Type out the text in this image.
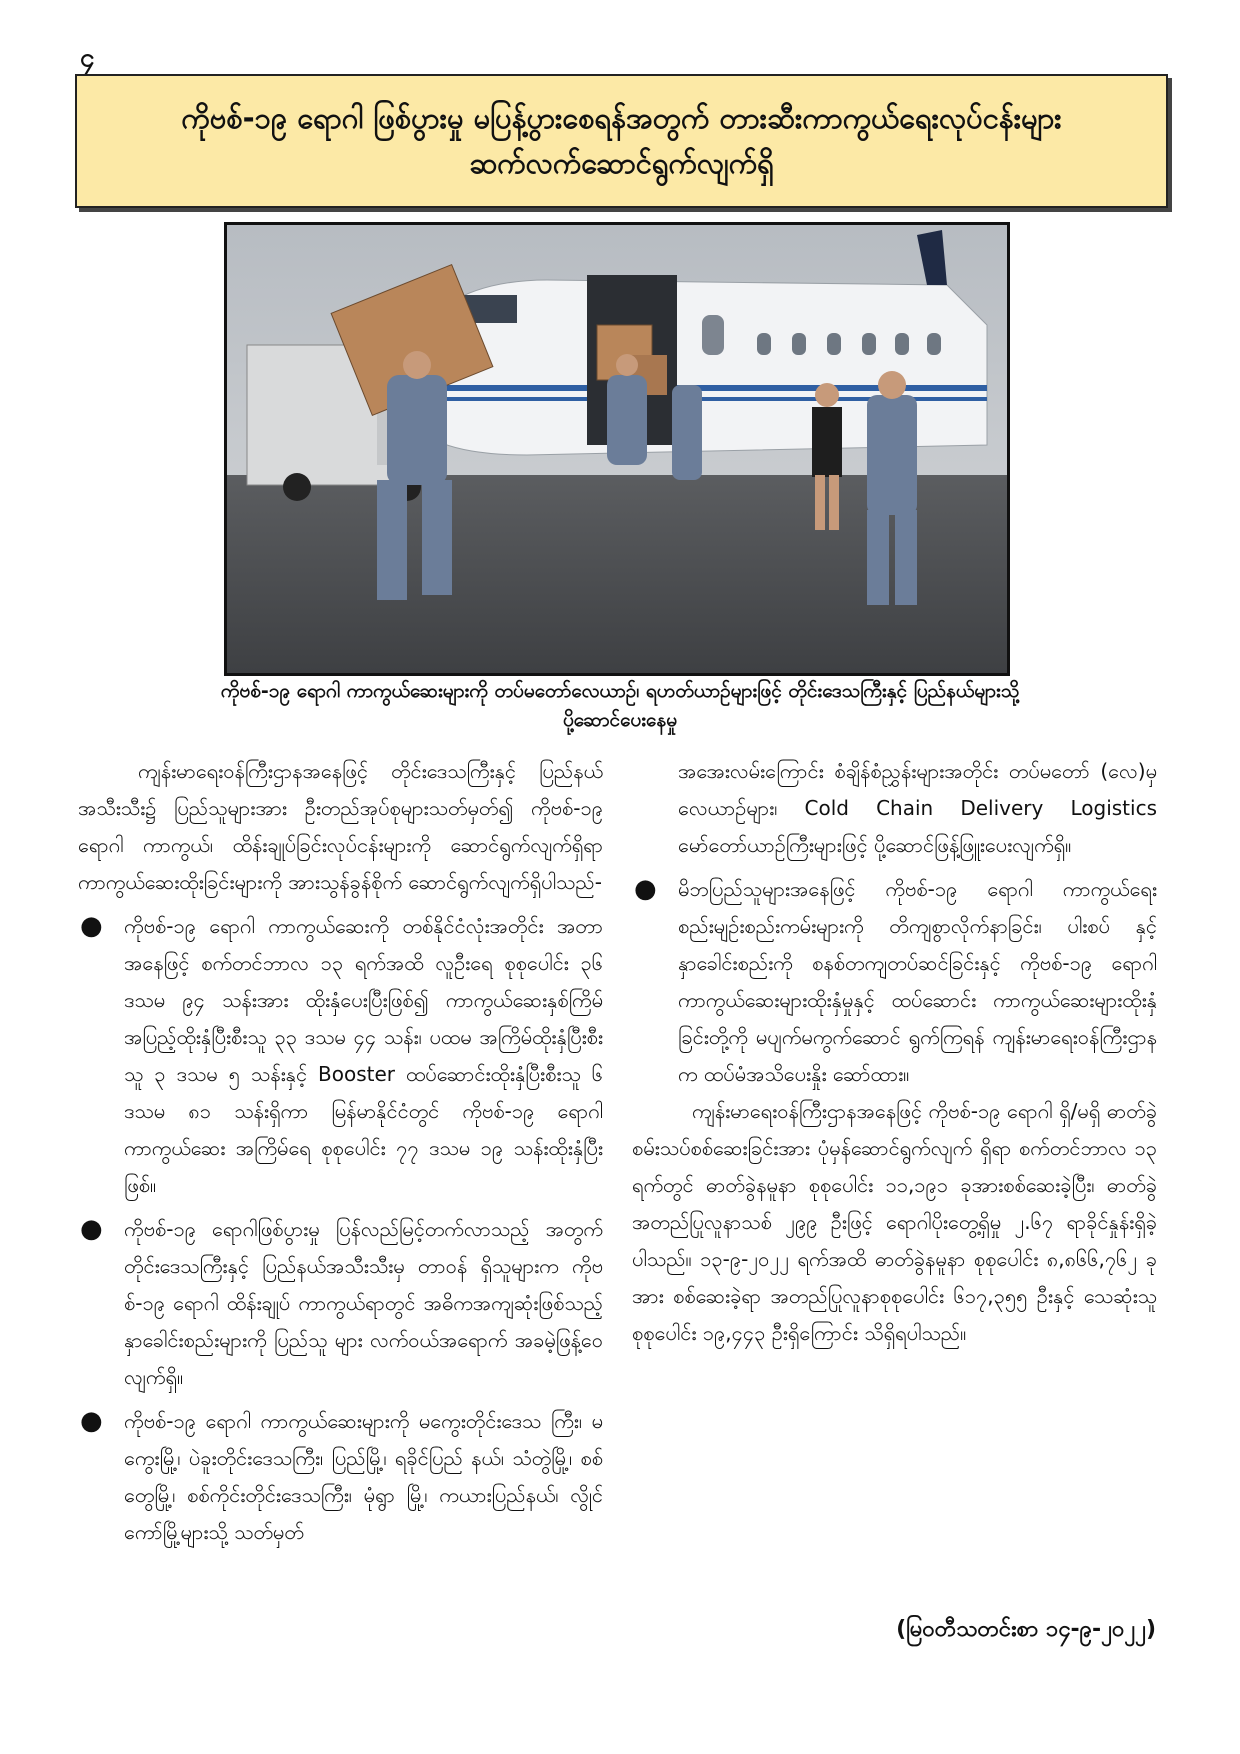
၄
ကိုဗစ်-၁၉ ရောဂါ ဖြစ်ပွားမှု မပြန့်ပွားစေရန်အတွက် တားဆီးကာကွယ်ရေးလုပ်ငန်းများ
ဆက်လက်ဆောင်ရွက်လျက်ရှိ
ကိုဗစ်-၁၉ ရောဂါ ကာကွယ်ဆေးများကို တပ်မတော်လေယာဉ်၊ ရဟတ်ယာဉ်များဖြင့် တိုင်းဒေသကြီးနှင့် ပြည်နယ်များသို့
ပို့ဆောင်ပေးနေမှု

ကျန်းမာရေးဝန်ကြီးဌာနအနေဖြင့် တိုင်းဒေသကြီးနှင့် ပြည်နယ်အသီးသီး၌ ပြည်သူများအား ဦးတည်အုပ်စုများသတ်မှတ်၍ ကိုဗစ်-၁၉ ရောဂါ ကာကွယ်၊ ထိန်းချုပ်ခြင်းလုပ်ငန်းများကို ဆောင်ရွက်လျက်ရှိရာ ကာကွယ်ဆေးထိုးခြင်းများကို အားသွန်ခွန်စိုက် ဆောင်ရွက်လျက်ရှိပါသည်-

● ကိုဗစ်-၁၉ ရောဂါ ကာကွယ်ဆေးကို တစ်နိုင်ငံလုံးအတိုင်း အတာအနေဖြင့် စက်တင်ဘာလ ၁၃ ရက်အထိ လူဦးရေ စုစုပေါင်း ၃၆ ဒသမ ၉၄ သန်းအား ထိုးနှံပေးပြီးဖြစ်၍ ကာကွယ်ဆေးနှစ်ကြိမ်အပြည့်ထိုးနှံပြီးစီးသူ ၃၃ ဒသမ ၄၄ သန်း၊ ပထမ အကြိမ်ထိုးနှံပြီးစီးသူ ၃ ဒသမ ၅ သန်းနှင့် Booster ထပ်ဆောင်းထိုးနှံပြီးစီးသူ ၆ ဒသမ ၈၁ သန်းရှိကာ မြန်မာနိုင်ငံတွင် ကိုဗစ်-၁၉ ရောဂါကာကွယ်ဆေး အကြိမ်ရေ စုစုပေါင်း ၇၇ ဒသမ ၁၉ သန်းထိုးနှံပြီးဖြစ်။
● ကိုဗစ်-၁၉ ရောဂါဖြစ်ပွားမှု ပြန်လည်မြင့်တက်လာသည့် အတွက် တိုင်းဒေသကြီးနှင့် ပြည်နယ်အသီးသီးမှ တာဝန် ရှိသူများက ကိုဗစ်-၁၉ ရောဂါ ထိန်းချုပ် ကာကွယ်ရာတွင် အဓိကအကျဆုံးဖြစ်သည့် နှာခေါင်းစည်းများကို ပြည်သူ များ လက်ဝယ်အရောက် အခမဲ့ဖြန့်ဝေလျက်ရှိ။
● ကိုဗစ်-၁၉ ရောဂါ ကာကွယ်ဆေးများကို မကွေးတိုင်းဒေသ ကြီး၊ မကွေးမြို့၊ ပဲခူးတိုင်းဒေသကြီး၊ ပြည်မြို့၊ ရခိုင်ပြည် နယ်၊ သံတွဲမြို့၊ စစ်တွေမြို့၊ စစ်ကိုင်းတိုင်းဒေသကြီး၊ မုံရွာ မြို့၊ ကယားပြည်နယ်၊ လွိုင်ကော်မြို့များသို့ သတ်မှတ်

အအေးလမ်းကြောင်း စံချိန်စံညွှန်းများအတိုင်း တပ်မတော် (လေ)မှ လေယာဉ်များ၊ Cold Chain Delivery Logistics မော်တော်ယာဉ်ကြီးများဖြင့် ပို့ဆောင်ဖြန့်ဖြူးပေးလျက်ရှိ။

● မိဘပြည်သူများအနေဖြင့် ကိုဗစ်-၁၉ ရောဂါ ကာကွယ်ရေး စည်းမျဉ်းစည်းကမ်းများကို တိကျစွာလိုက်နာခြင်း၊ ပါးစပ် နှင့်နှာခေါင်းစည်းကို စနစ်တကျတပ်ဆင်ခြင်းနှင့် ကိုဗစ်-၁၉ ရောဂါ ကာကွယ်ဆေးများထိုးနှံမှုနှင့် ထပ်ဆောင်း ကာကွယ်ဆေးများထိုးနှံခြင်းတို့ကို မပျက်မကွက်ဆောင် ရွက်ကြရန် ကျန်းမာရေးဝန်ကြီးဌာနက ထပ်မံအသိပေးနှိုး ဆော်ထား။

ကျန်းမာရေးဝန်ကြီးဌာနအနေဖြင့် ကိုဗစ်-၁၉ ရောဂါ ရှိ/မရှိ ဓာတ်ခွဲစမ်းသပ်စစ်ဆေးခြင်းအား ပုံမှန်ဆောင်ရွက်လျက် ရှိရာ စက်တင်ဘာလ ၁၃ ရက်တွင် ဓာတ်ခွဲနမူနာ စုစုပေါင်း ၁၁,၁၉၁ ခုအားစစ်ဆေးခဲ့ပြီး၊ ဓာတ်ခွဲအတည်ပြုလူနာသစ် ၂၉၉ ဦးဖြင့် ရောဂါပိုးတွေ့ရှိမှု ၂.၆၇ ရာခိုင်နှုန်းရှိခဲ့ပါသည်။ ၁၃-၉-၂၀၂၂ ရက်အထိ ဓာတ်ခွဲနမူနာ စုစုပေါင်း ၈,၈၆၆,၇၆၂ ခုအား စစ်ဆေးခဲ့ရာ အတည်ပြုလူနာစုစုပေါင်း ၆၁၇,၃၅၅ ဦးနှင့် သေဆုံးသူစုစုပေါင်း ၁၉,၄၄၃ ဦးရှိကြောင်း သိရှိရပါသည်။

(မြဝတီသတင်းစာ ၁၄-၉-၂၀၂၂)
